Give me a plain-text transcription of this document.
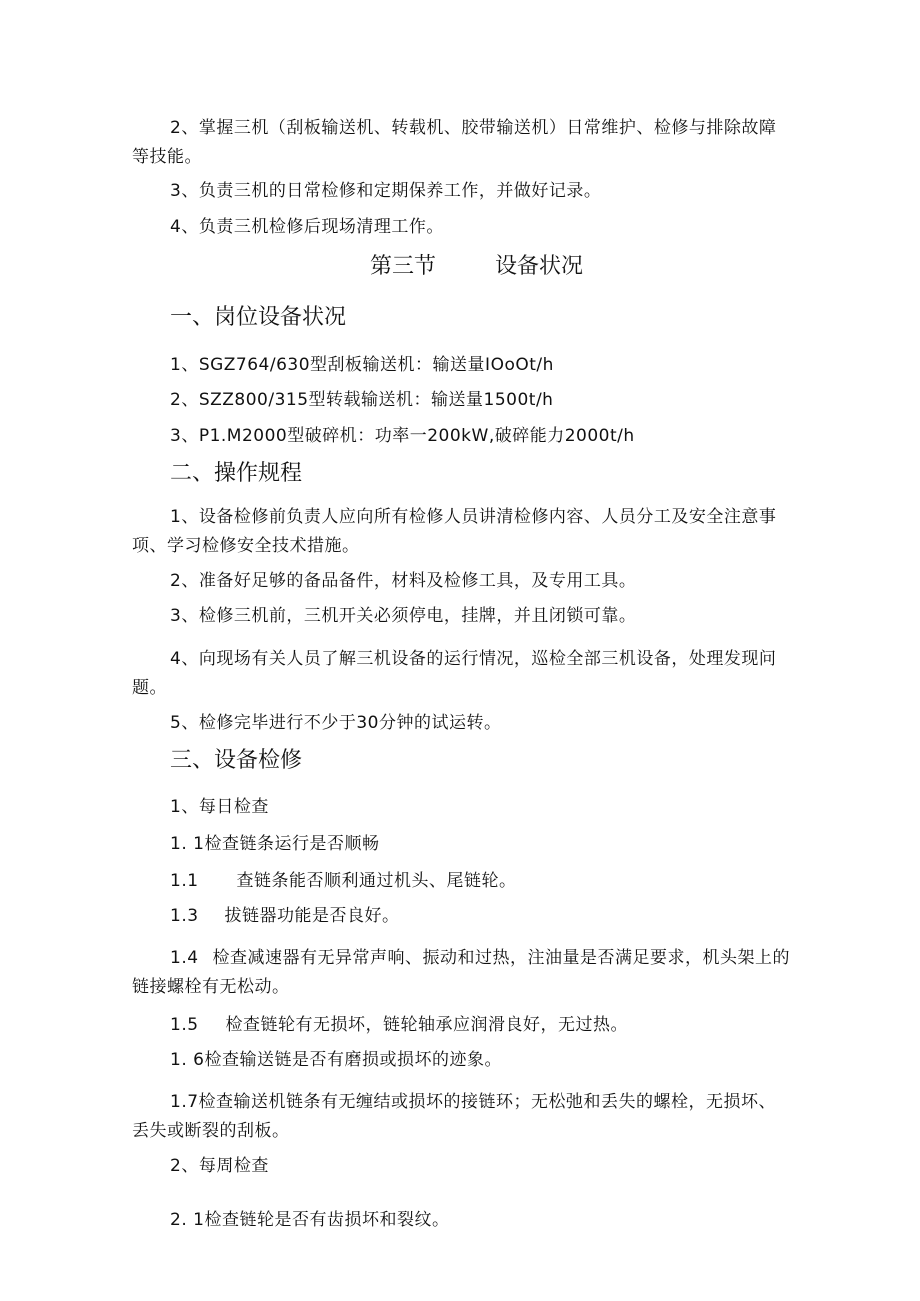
2、掌握三机（刮板输送机、转载机、胶带输送机）日常维护、检修与排除故障
等技能。
3、负责三机的日常检修和定期保养工作，并做好记录。
4、负责三机检修后现场清理工作。
第三节	设备状况
一、岗位设备状况
1、SGZ764/630型刮板输送机：输送量IOoOt/h
2、SZZ800/315型转载输送机：输送量1500t∕h
3、P1.M2000型破碎机：功率一200kW,破碎能力2000t∕h
二、操作规程
1、设备检修前负责人应向所有检修人员讲清检修内容、人员分工及安全注意事
项、学习检修安全技术措施。
2、准备好足够的备品备件，材料及检修工具，及专用工具。
3、检修三机前，三机开关必须停电，挂牌，并且闭锁可靠。
4、向现场有关人员了解三机设备的运行情况，巡检全部三机设备，处理发现问
题。
5、检修完毕进行不少于30分钟的试运转。
三、设备检修
1、每日检查
1. 1检查链条运行是否顺畅
1.1 查链条能否顺利通过机头、尾链轮。
1.3 拔链器功能是否良好。
1.4 检查减速器有无异常声响、振动和过热，注油量是否满足要求，机头架上的
链接螺栓有无松动。
1.5 检查链轮有无损坏，链轮轴承应润滑良好，无过热。
1. 6检查输送链是否有磨损或损坏的迹象。
1.7检查输送机链条有无缠结或损坏的接链环；无松弛和丢失的螺栓，无损坏、
丢失或断裂的刮板。
2、每周检查
2. 1检查链轮是否有齿损坏和裂纹。
